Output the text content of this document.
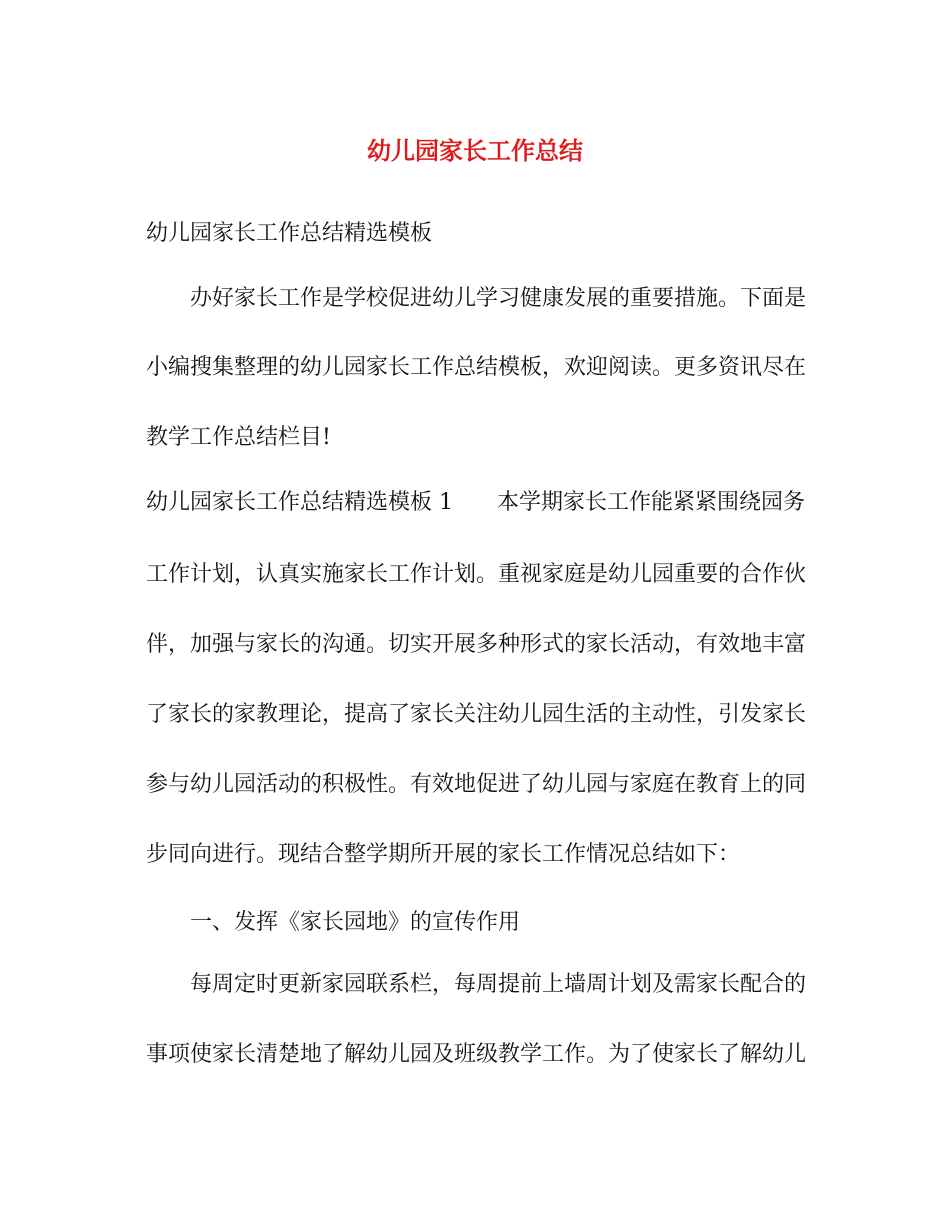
幼儿园家长工作总结

幼儿园家长工作总结精选模板

办好家长工作是学校促进幼儿学习健康发展的重要措施。下面是

小编搜集整理的幼儿园家长工作总结模板，欢迎阅读。更多资讯尽在

教学工作总结栏目!

幼儿园家长工作总结精选模板 1　　本学期家长工作能紧紧围绕园务

工作计划，认真实施家长工作计划。重视家庭是幼儿园重要的合作伙

伴，加强与家长的沟通。切实开展多种形式的家长活动，有效地丰富

了家长的家教理论，提高了家长关注幼儿园生活的主动性，引发家长

参与幼儿园活动的积极性。有效地促进了幼儿园与家庭在教育上的同

步同向进行。现结合整学期所开展的家长工作情况总结如下：

一、发挥《家长园地》的宣传作用

每周定时更新家园联系栏，每周提前上墙周计划及需家长配合的

事项使家长清楚地了解幼儿园及班级教学工作。为了使家长了解幼儿
